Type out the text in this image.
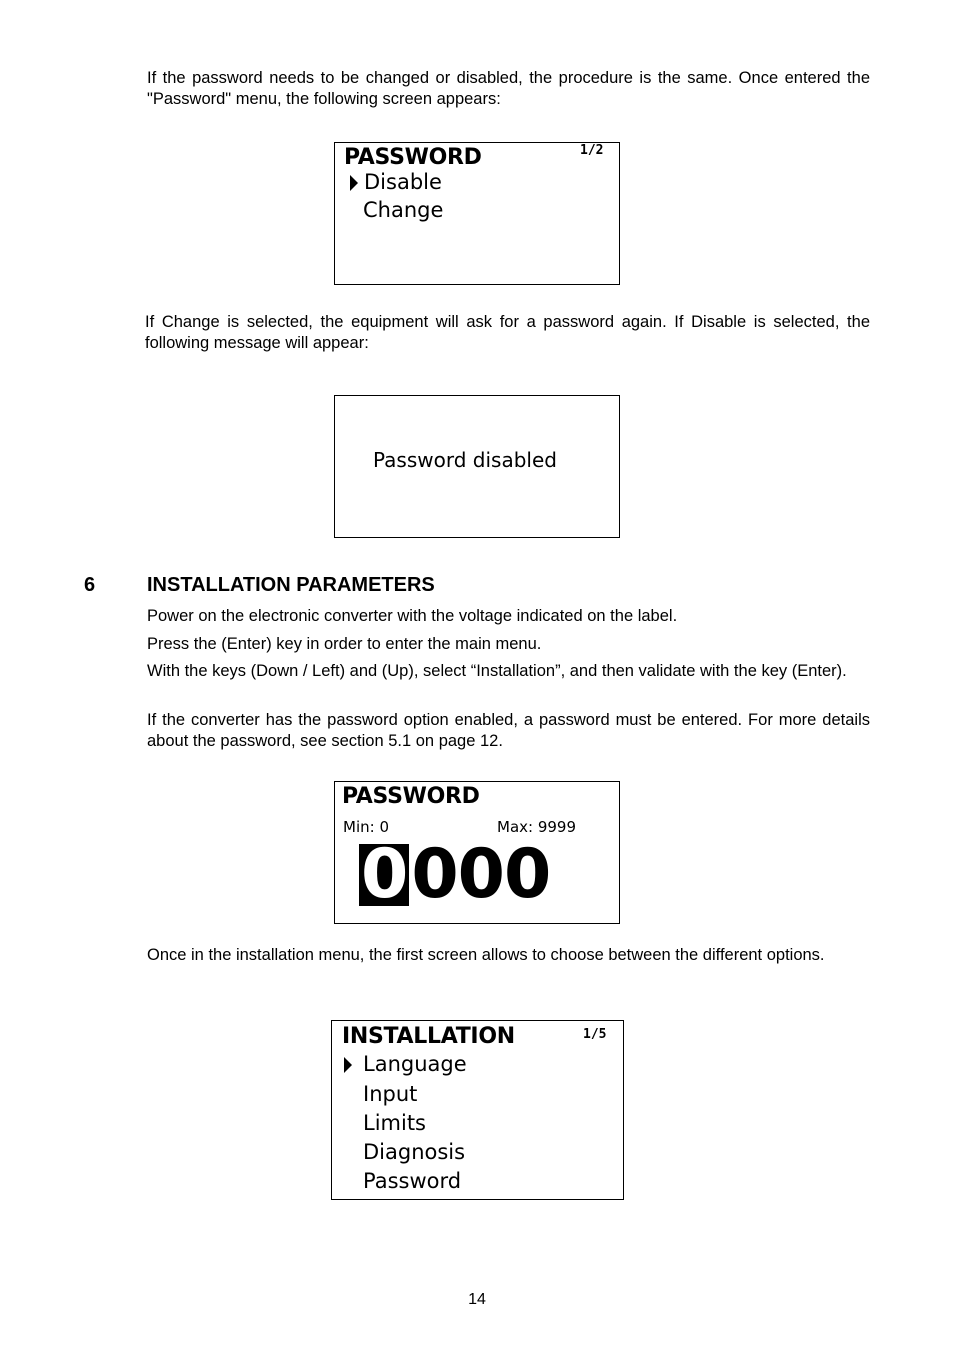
If the password needs to be changed or disabled, the procedure is the same. Once entered the "Password" menu, the following screen appears:

PASSWORD	1/2
Disable
Change

If Change is selected, the equipment will ask for a password again. If Disable is selected, the following message will appear:

Password disabled
6	INSTALLATION PARAMETERS

Power on the electronic converter with the voltage indicated on the label.

Press the (Enter) key in order to enter the main menu.

With the keys (Down / Left) and (Up), select “Installation”, and then validate with the key (Enter).

If the converter has the password option enabled, a password must be entered. For more details about the password, see section 5.1 on page 12.

PASSWORD
Min: 0	Max: 9999
0 0 0 0

Once in the installation menu, the first screen allows to choose between the different options.

INSTALLATION	1/5
Language
Input
Limits
Diagnosis
Password
14
